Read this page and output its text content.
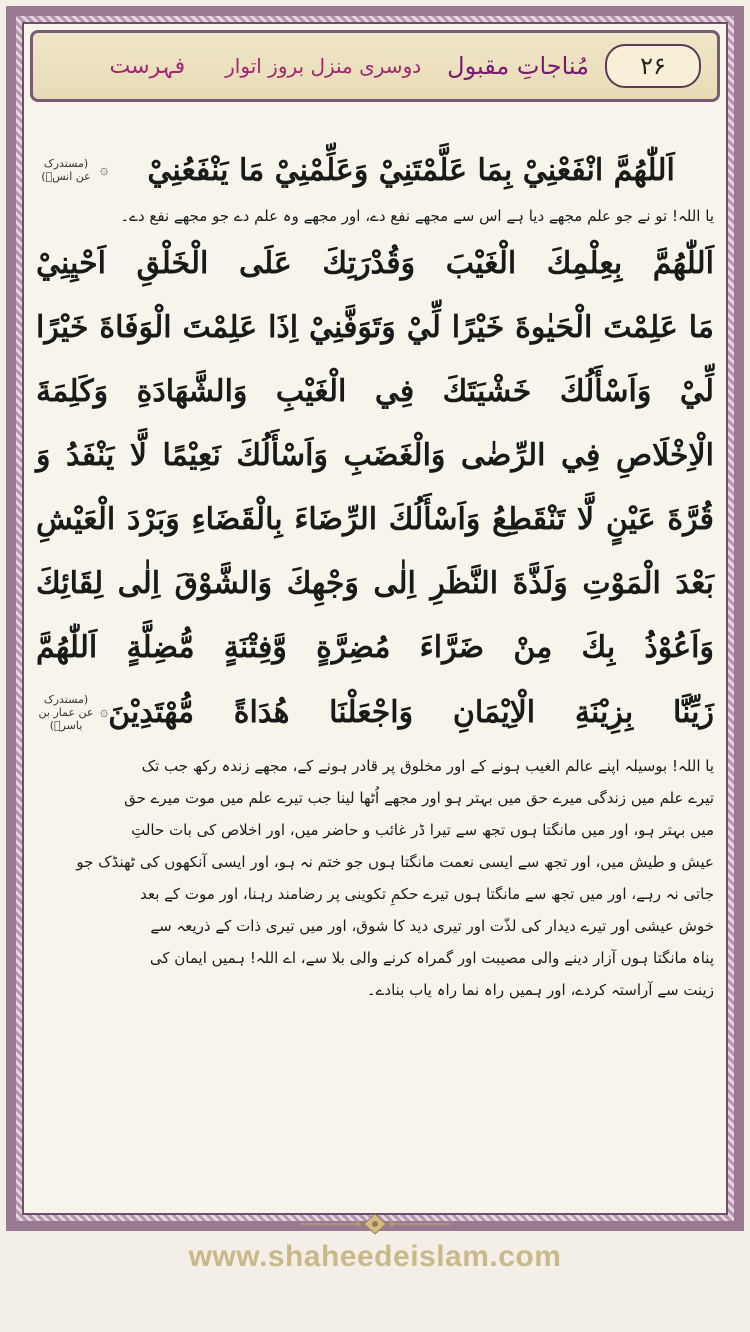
۲۶
مُناجاتِ مقبول
دوسری منزل بروز اتوار
فہرست
اَللّٰهُمَّ انْفَعْنِيْ بِمَا عَلَّمْتَنِيْ وَعَلِّمْنِيْ مَا يَنْفَعُنِيْ
۞
(مستدرک عن انسؓ)
یا اللہ! تو نے جو علم مجھے دیا ہے اس سے مجھے نفع دے، اور مجھے وہ علم دے جو مجھے نفع دے۔
اَللّٰهُمَّ بِعِلْمِكَ الْغَيْبَ وَقُدْرَتِكَ عَلَى الْخَلْقِ اَحْيِنِيْ
مَا عَلِمْتَ الْحَيٰوةَ خَيْرًا لِّيْ وَتَوَفَّنِيْ اِذَا عَلِمْتَ الْوَفَاةَ خَيْرًا
لِّيْ وَاَسْأَلُكَ خَشْيَتَكَ فِي الْغَيْبِ وَالشَّهَادَةِ وَكَلِمَةَ
الْاِخْلَاصِ فِي الرِّضٰى وَالْغَضَبِ وَاَسْأَلُكَ نَعِيْمًا لَّا يَنْفَدُ وَ
قُرَّةَ عَيْنٍ لَّا تَنْقَطِعُ وَاَسْأَلُكَ الرِّضَاءَ بِالْقَضَاءِ وَبَرْدَ الْعَيْشِ
بَعْدَ الْمَوْتِ وَلَذَّةَ النَّظَرِ اِلٰى وَجْهِكَ وَالشَّوْقَ اِلٰى لِقَائِكَ
وَاَعُوْذُ بِكَ مِنْ ضَرَّاءَ مُضِرَّةٍ وَّفِتْنَةٍ مُّضِلَّةٍ اَللّٰهُمَّ
زَيِّنَّا بِزِيْنَةِ الْاِيْمَانِ وَاجْعَلْنَا هُدَاةً مُّهْتَدِيْنَ
۞
(مستدرک عن عمار بن یاسرؓ)
یا اللہ! بوسیلہ اپنے عالم الغیب ہونے کے اور مخلوق پر قادر ہونے کے، مجھے زندہ رکھ جب تک
تیرے علم میں زندگی میرے حق میں بہتر ہو اور مجھے اُٹھا لینا جب تیرے علم میں موت میرے حق
میں بہتر ہو، اور میں مانگتا ہوں تجھ سے تیرا ڈر غائب و حاضر میں، اور اخلاص کی بات حالتِ
عیش و طیش میں، اور تجھ سے ایسی نعمت مانگتا ہوں جو ختم نہ ہو، اور ایسی آنکھوں کی ٹھنڈک جو
جاتی نہ رہے، اور میں تجھ سے مانگتا ہوں تیرے حکمِ تکوینی پر رضامند رہنا، اور موت کے بعد
خوش عیشی اور تیرے دیدار کی لذّت اور تیری دید کا شوق، اور میں تیری ذات کے ذریعہ سے
پناہ مانگتا ہوں آزار دینے والی مصیبت اور گمراہ کرنے والی بلا سے، اے اللہ! ہمیں ایمان کی
زینت سے آراستہ کردے، اور ہمیں راہ نما راہ یاب بنادے۔
www.shaheedeislam.com
